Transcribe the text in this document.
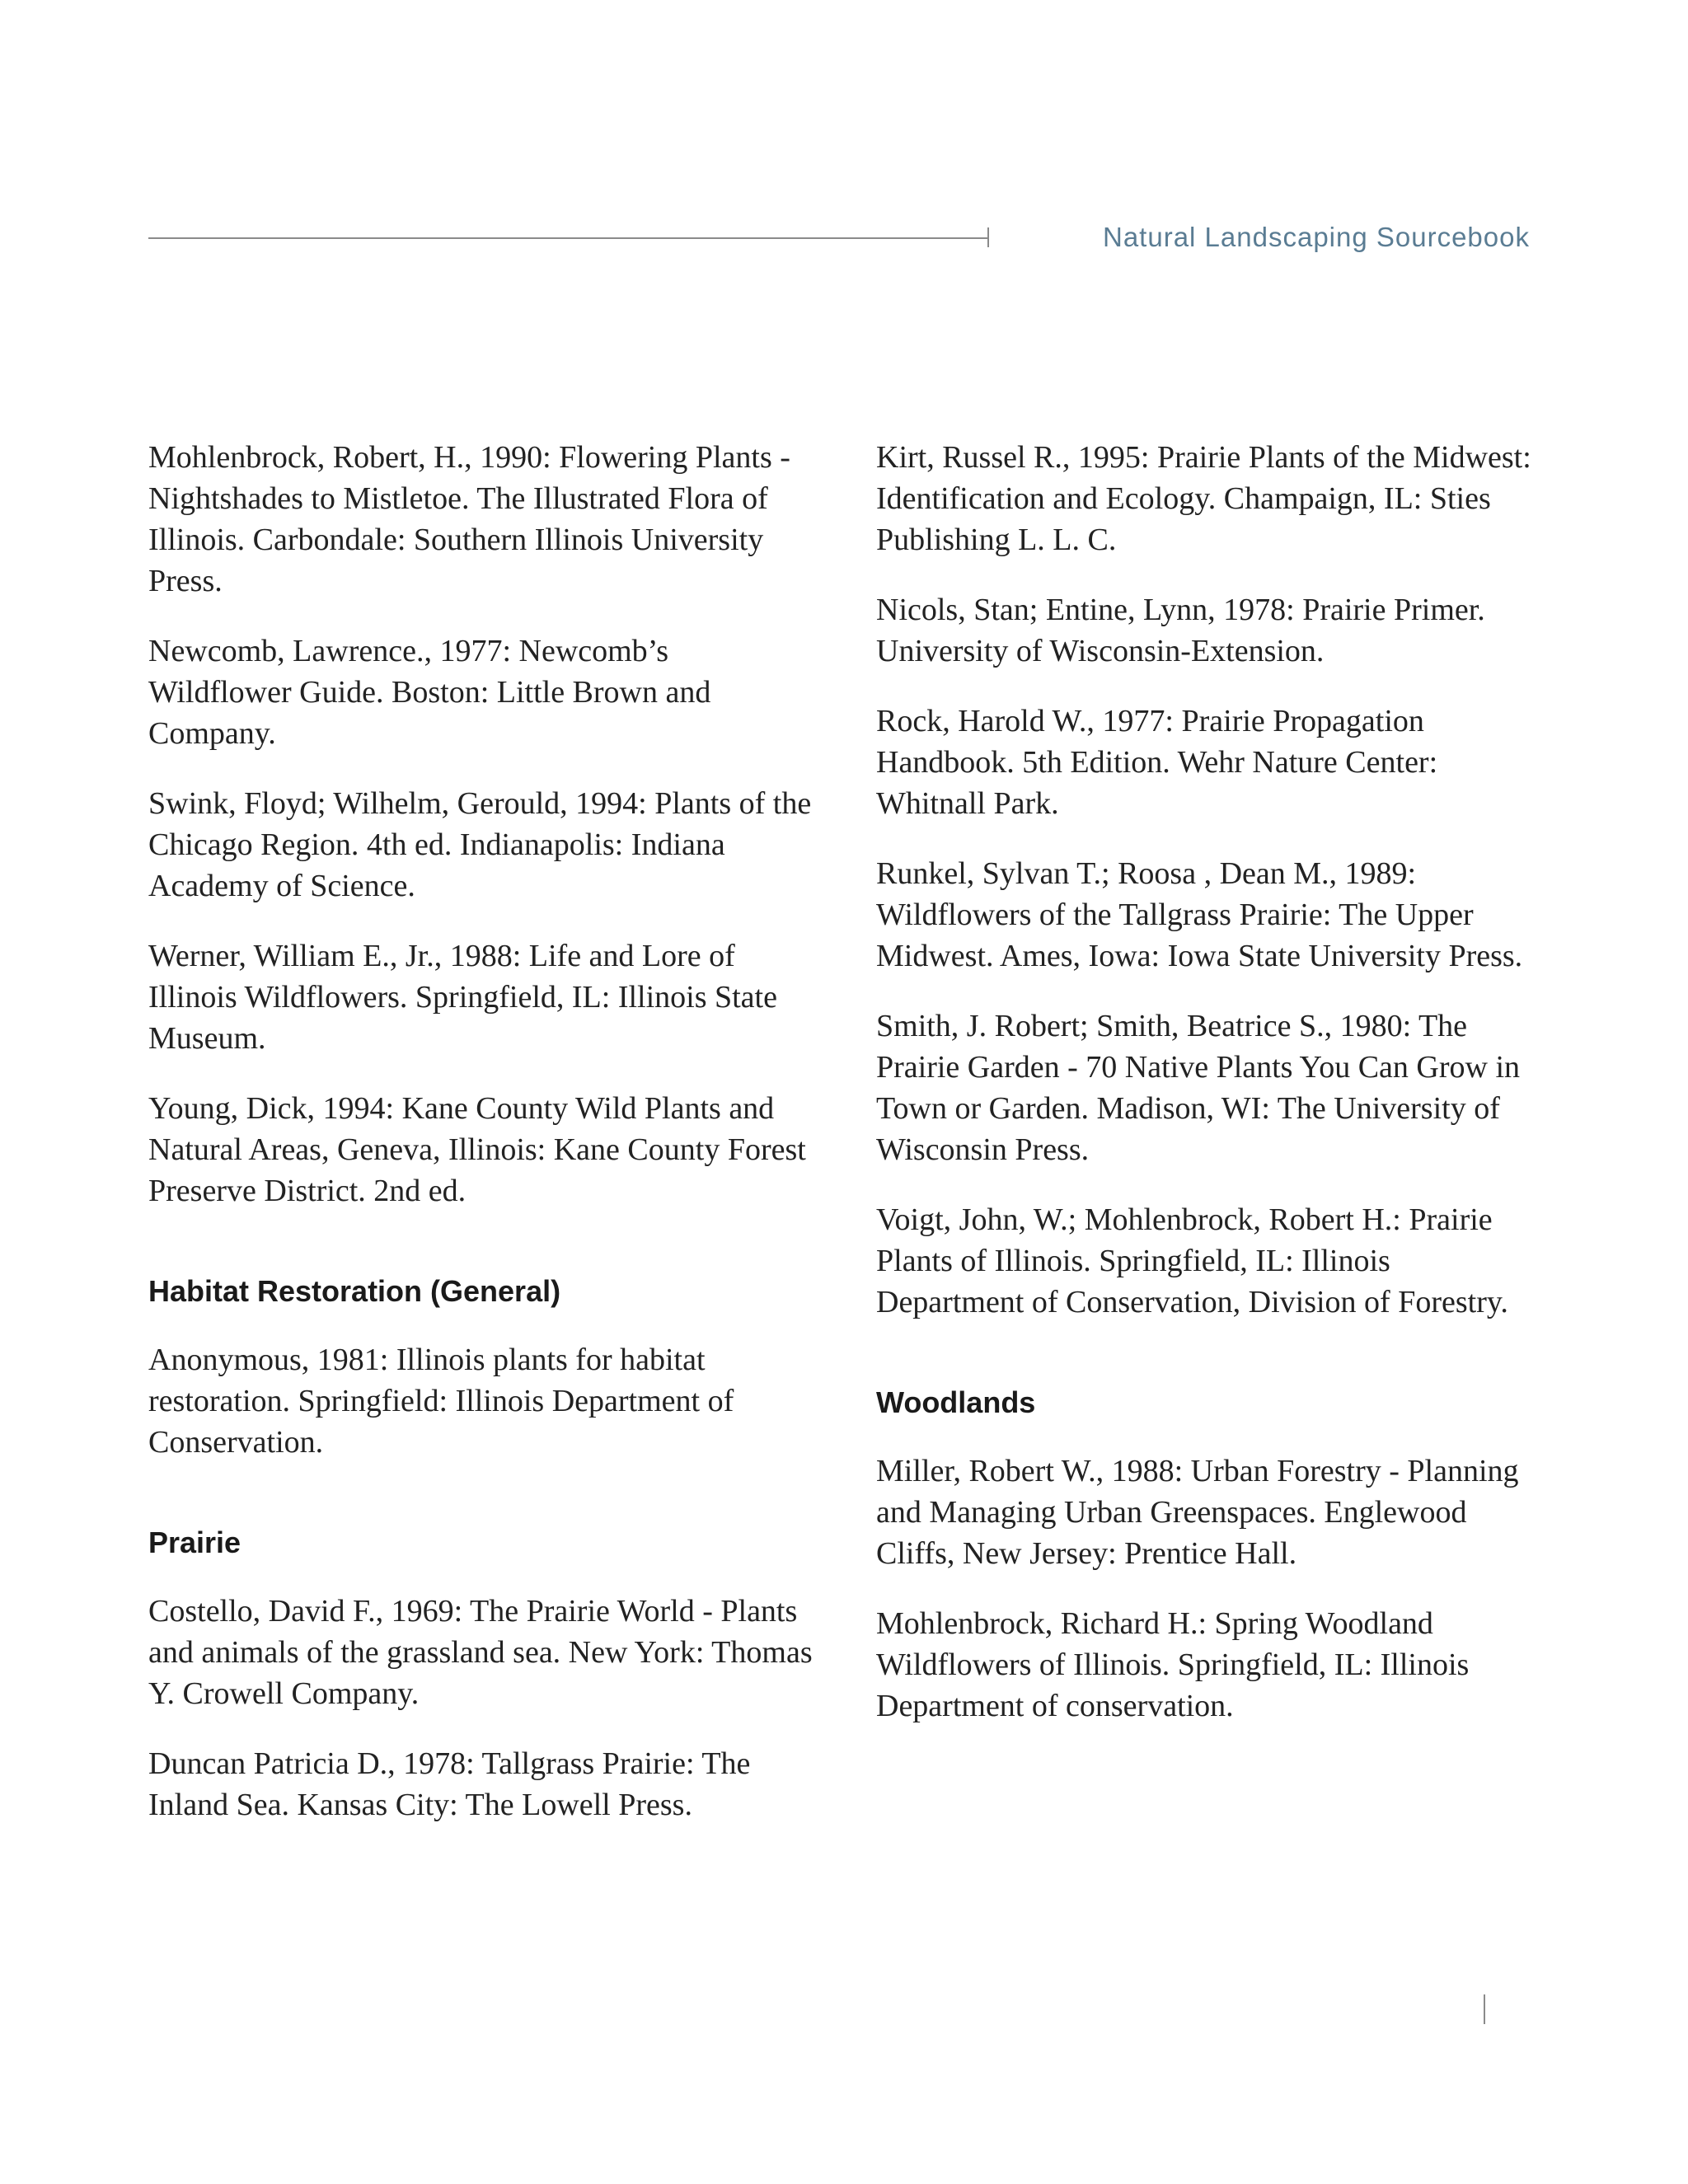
Natural Landscaping Sourcebook

Mohlenbrock, Robert, H., 1990: Flowering Plants - Nightshades to Mistletoe. The Illustrated Flora of Illinois. Carbondale: Southern Illinois University Press.

Newcomb, Lawrence., 1977: Newcomb’s Wildflower Guide. Boston: Little Brown and Company.

Swink, Floyd; Wilhelm, Gerould, 1994: Plants of the Chicago Region. 4th ed. Indianapolis: Indiana Academy of Science.

Werner, William E., Jr., 1988: Life and Lore of Illinois Wildflowers. Springfield, IL: Illinois State Museum.

Young, Dick, 1994: Kane County Wild Plants and Natural Areas, Geneva, Illinois: Kane County Forest Preserve District. 2nd ed.

Habitat Restoration (General)

Anonymous, 1981: Illinois plants for habitat restoration. Springfield: Illinois Department of Conservation.

Prairie

Costello, David F., 1969: The Prairie World - Plants and animals of the grassland sea. New York: Thomas Y. Crowell Company.

Duncan Patricia D., 1978: Tallgrass Prairie: The Inland Sea. Kansas City: The Lowell Press.

Kirt, Russel R., 1995: Prairie Plants of the Midwest: Identification and Ecology. Champaign, IL: Sties Publishing L. L. C.

Nicols, Stan; Entine, Lynn, 1978: Prairie Primer. University of Wisconsin-Extension.

Rock, Harold W., 1977: Prairie Propagation Handbook. 5th Edition. Wehr Nature Center: Whitnall Park.

Runkel, Sylvan T.; Roosa , Dean M., 1989: Wildflowers of the Tallgrass Prairie: The Upper Midwest. Ames, Iowa: Iowa State University Press.

Smith, J. Robert; Smith, Beatrice S., 1980: The Prairie Garden - 70 Native Plants You Can Grow in Town or Garden. Madison, WI: The University of Wisconsin Press.

Voigt, John, W.; Mohlenbrock, Robert H.: Prairie Plants of Illinois. Springfield, IL: Illinois Department of Conservation, Division of Forestry.

Woodlands

Miller, Robert W., 1988: Urban Forestry - Planning and Managing Urban Greenspaces. Englewood Cliffs, New Jersey: Prentice Hall.

Mohlenbrock, Richard H.: Spring Woodland Wildflowers of Illinois. Springfield, IL: Illinois Department of conservation.
